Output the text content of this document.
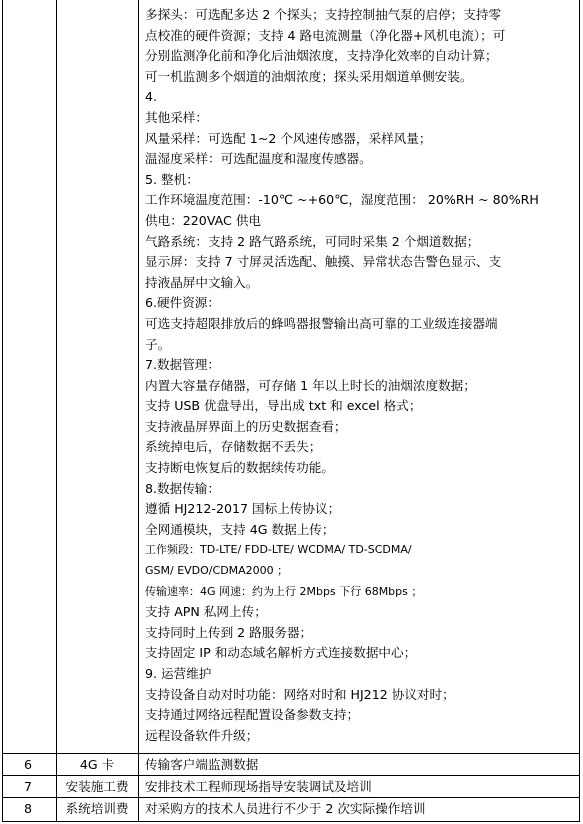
多探头：可选配多达 2 个探头；支持控制抽气泵的启停；支持零
点校准的硬件资源；支持 4 路电流测量（净化器+风机电流）；可
分别监测净化前和净化后油烟浓度，支持净化效率的自动计算；
可一机监测多个烟道的油烟浓度；探头采用烟道单侧安装。
4.
其他采样：
风量采样：可选配 1~2 个风速传感器，采样风量；
温湿度采样：可选配温度和湿度传感器。
5. 整机：
工作环境温度范围：-10℃ ~+60℃，湿度范围： 20%RH ~ 80%RH
供电：220VAC 供电
气路系统：支持 2 路气路系统，可同时采集 2 个烟道数据；
显示屏：支持 7 寸屏灵活选配、触摸、异常状态告警色显示、支
持液晶屏中文输入。
6.硬件资源：
可选支持超限排放后的蜂鸣器报警输出高可靠的工业级连接器端
子。
7.数据管理：
内置大容量存储器，可存储 1 年以上时长的油烟浓度数据；
支持 USB 优盘导出，导出成 txt 和 excel 格式；
支持液晶屏界面上的历史数据查看；
系统掉电后，存储数据不丢失；
支持断电恢复后的数据续传功能。
8.数据传输：
遵循 HJ212-2017 国标上传协议；
全网通模块，支持 4G 数据上传；
工作频段：TD-LTE/ FDD-LTE/ WCDMA/ TD-SCDMA/
GSM/ EVDO/CDMA2000 ；
传输速率：4G 网速：约为上行 2Mbps 下行 68Mbps ；
支持 APN 私网上传；
支持同时上传到 2 路服务器；
支持固定 IP 和动态域名解析方式连接数据中心；
9. 运营维护
支持设备自动对时功能：网络对时和 HJ212 协议对时；
支持通过网络远程配置设备参数支持；
远程设备软件升级；
6	4G 卡	传输客户端监测数据
7	安装施工费	安排技术工程师现场指导安装调试及培训
8	系统培训费	对采购方的技术人员进行不少于 2 次实际操作培训
